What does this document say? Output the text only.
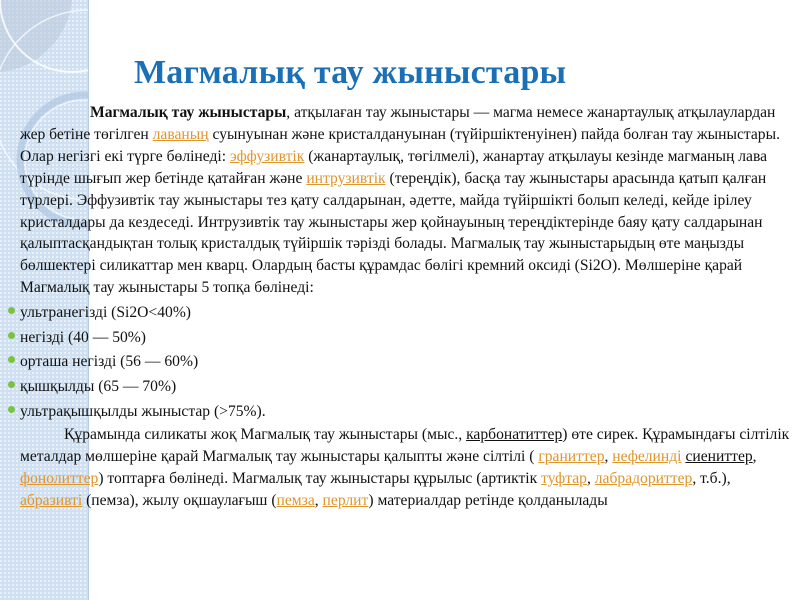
Магмалық тау жыныстары

Магмалық тау жыныстары, атқылаған тау жыныстары — магма немесе жанартаулық атқылаулардан жер бетіне төгілген лаваның суынуынан және кристалдануынан (түйіршіктенуінен) пайда болған тау жыныстары. Олар негізгі екі түрге бөлінеді: эффузивтік (жанартаулық, төгілмелі), жанартау атқылауы кезінде магманың лава түрінде шығып жер бетінде қатайған және интрузивтік (тереңдік), басқа тау жыныстары арасында қатып қалған түрлері. Эффузивтік тау жыныстары тез қату салдарынан, әдетте, майда түйіршікті болып келеді, кейде ірілеу кристалдары да кездеседі. Интрузивтік тау жыныстары жер қойнауының тереңдіктерінде баяу қату салдарынан қалыптасқандықтан толық кристалдық түйіршік тәрізді болады. Магмалық тау жыныстарыдың өте маңызды бөлшектері силикаттар мен кварц. Олардың басты құрамдас бөлігі кремний оксиді (Si2O). Мөлшеріне қарай Магмалық тау жыныстары 5 топқа бөлінеді:

ультранегізді (Si2O<40%)
негізді (40 — 50%)
орташа негізді (56 — 60%)
қышқылды (65 — 70%)
ультрақышқылды жыныстар (>75%).

Құрамында силикаты жоқ Магмалық тау жыныстары (мыс., карбонатиттер) өте сирек. Құрамындағы сілтілік металдар мөлшеріне қарай Магмалық тау жыныстары қалыпты және сілтілі ( граниттер, нефелинді сиениттер, фонолиттер) топтарға бөлінеді. Магмалық тау жыныстары құрылыс (артиктік туфтар, лабрадориттер, т.б.), абразивті (пемза), жылу оқшаулағыш (пемза, перлит) материалдар ретінде қолданылады
